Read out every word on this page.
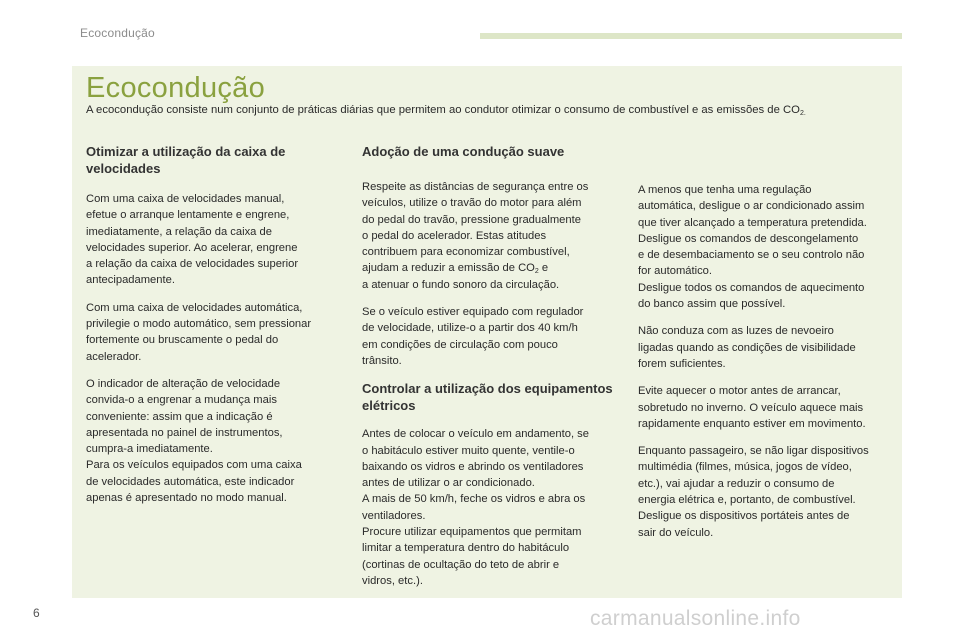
Ecocondução
Ecocondução
A ecocondução consiste num conjunto de práticas diárias que permitem ao condutor otimizar o consumo de combustível e as emissões de $CO_{2.}$
Otimizar a utilização da caixa de velocidades

Com uma caixa de velocidades manual,
efetue o arranque lentamente e engrene,
imediatamente, a relação da caixa de
velocidades superior. Ao acelerar, engrene
a relação da caixa de velocidades superior
antecipadamente.

Com uma caixa de velocidades automática,
privilegie o modo automático, sem pressionar
fortemente ou bruscamente o pedal do
acelerador.

O indicador de alteração de velocidade
convida-o a engrenar a mudança mais
conveniente: assim que a indicação é
apresentada no painel de instrumentos,
cumpra-a imediatamente.
Para os veículos equipados com uma caixa
de velocidades automática, este indicador
apenas é apresentado no modo manual.

Adoção de uma condução suave

Respeite as distâncias de segurança entre os
veículos, utilize o travão do motor para além
do pedal do travão, pressione gradualmente
o pedal do acelerador. Estas atitudes
contribuem para economizar combustível,
ajudam a reduzir a emissão de $CO_2$ e
a atenuar o fundo sonoro da circulação.

Se o veículo estiver equipado com regulador
de velocidade, utilize-o a partir dos 40 km/h
em condições de circulação com pouco
trânsito.

Controlar a utilização dos equipamentos elétricos

Antes de colocar o veículo em andamento, se
o habitáculo estiver muito quente, ventile-o
baixando os vidros e abrindo os ventiladores
antes de utilizar o ar condicionado.
A mais de 50 km/h, feche os vidros e abra os
ventiladores.
Procure utilizar equipamentos que permitam
limitar a temperatura dentro do habitáculo
(cortinas de ocultação do teto de abrir e
vidros, etc.).

A menos que tenha uma regulação
automática, desligue o ar condicionado assim
que tiver alcançado a temperatura pretendida.
Desligue os comandos de descongelamento
e de desembaciamento se o seu controlo não
for automático.
Desligue todos os comandos de aquecimento
do banco assim que possível.

Não conduza com as luzes de nevoeiro
ligadas quando as condições de visibilidade
forem suficientes.

Evite aquecer o motor antes de arrancar,
sobretudo no inverno. O veículo aquece mais
rapidamente enquanto estiver em movimento.

Enquanto passageiro, se não ligar dispositivos
multimédia (filmes, música, jogos de vídeo,
etc.), vai ajudar a reduzir o consumo de
energia elétrica e, portanto, de combustível.
Desligue os dispositivos portáteis antes de
sair do veículo.

6	carmanualsonline.info
